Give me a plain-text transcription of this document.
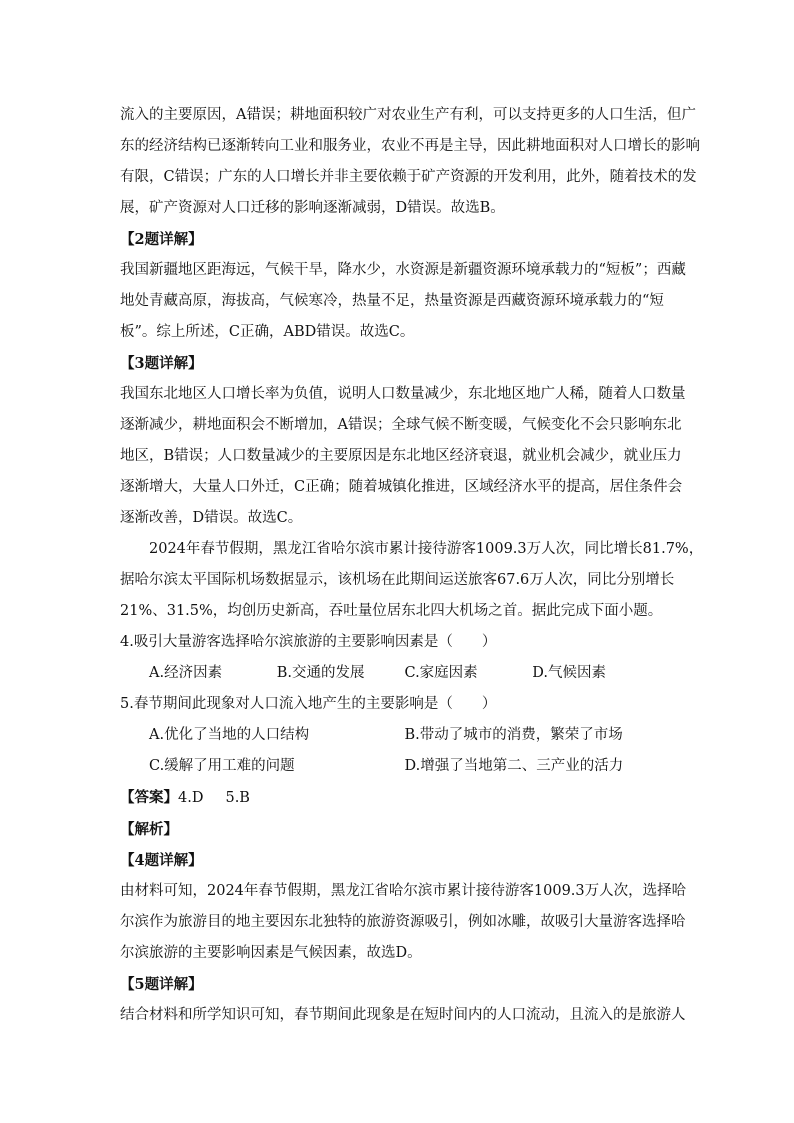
流入的主要原因，A错误；耕地面积较广对农业生产有利，可以支持更多的人口生活，但广
东的经济结构已逐渐转向工业和服务业，农业不再是主导，因此耕地面积对人口增长的影响
有限，C错误；广东的人口增长并非主要依赖于矿产资源的开发利用，此外，随着技术的发
展，矿产资源对人口迁移的影响逐渐减弱，D错误。故选B。

【2题详解】

我国新疆地区距海远，气候干旱，降水少，水资源是新疆资源环境承载力的“短板”；西藏
地处青藏高原，海拔高，气候寒冷，热量不足，热量资源是西藏资源环境承载力的“短
板”。综上所述，C正确，ABD错误。故选C。

【3题详解】

我国东北地区人口增长率为负值，说明人口数量减少，东北地区地广人稀，随着人口数量
逐渐减少，耕地面积会不断增加，A错误；全球气候不断变暖，气候变化不会只影响东北
地区，B错误；人口数量减少的主要原因是东北地区经济衰退，就业机会减少，就业压力
逐渐增大，大量人口外迁，C正确；随着城镇化推进，区域经济水平的提高，居住条件会
逐渐改善，D错误。故选C。

2024年春节假期，黑龙江省哈尔滨市累计接待游客1009.3万人次，同比增长81.7%，
据哈尔滨太平国际机场数据显示，该机场在此期间运送旅客67.6万人次，同比分别增长
21%、31.5%，均创历史新高，吞吐量位居东北四大机场之首。据此完成下面小题。

4.吸引大量游客选择哈尔滨旅游的主要影响因素是（　　）

A.经济因素	B.交通的发展	C.家庭因素	D.气候因素

5.春节期间此现象对人口流入地产生的主要影响是（　　）

A.优化了当地的人口结构	B.带动了城市的消费，繁荣了市场
C.缓解了用工难的问题	D.增强了当地第二、三产业的活力

【答案】4.D 5.B

【解析】

【4题详解】

由材料可知，2024年春节假期，黑龙江省哈尔滨市累计接待游客1009.3万人次，选择哈
尔滨作为旅游目的地主要因东北独特的旅游资源吸引，例如冰雕，故吸引大量游客选择哈
尔滨旅游的主要影响因素是气候因素，故选D。

【5题详解】

结合材料和所学知识可知，春节期间此现象是在短时间内的人口流动，且流入的是旅游人
